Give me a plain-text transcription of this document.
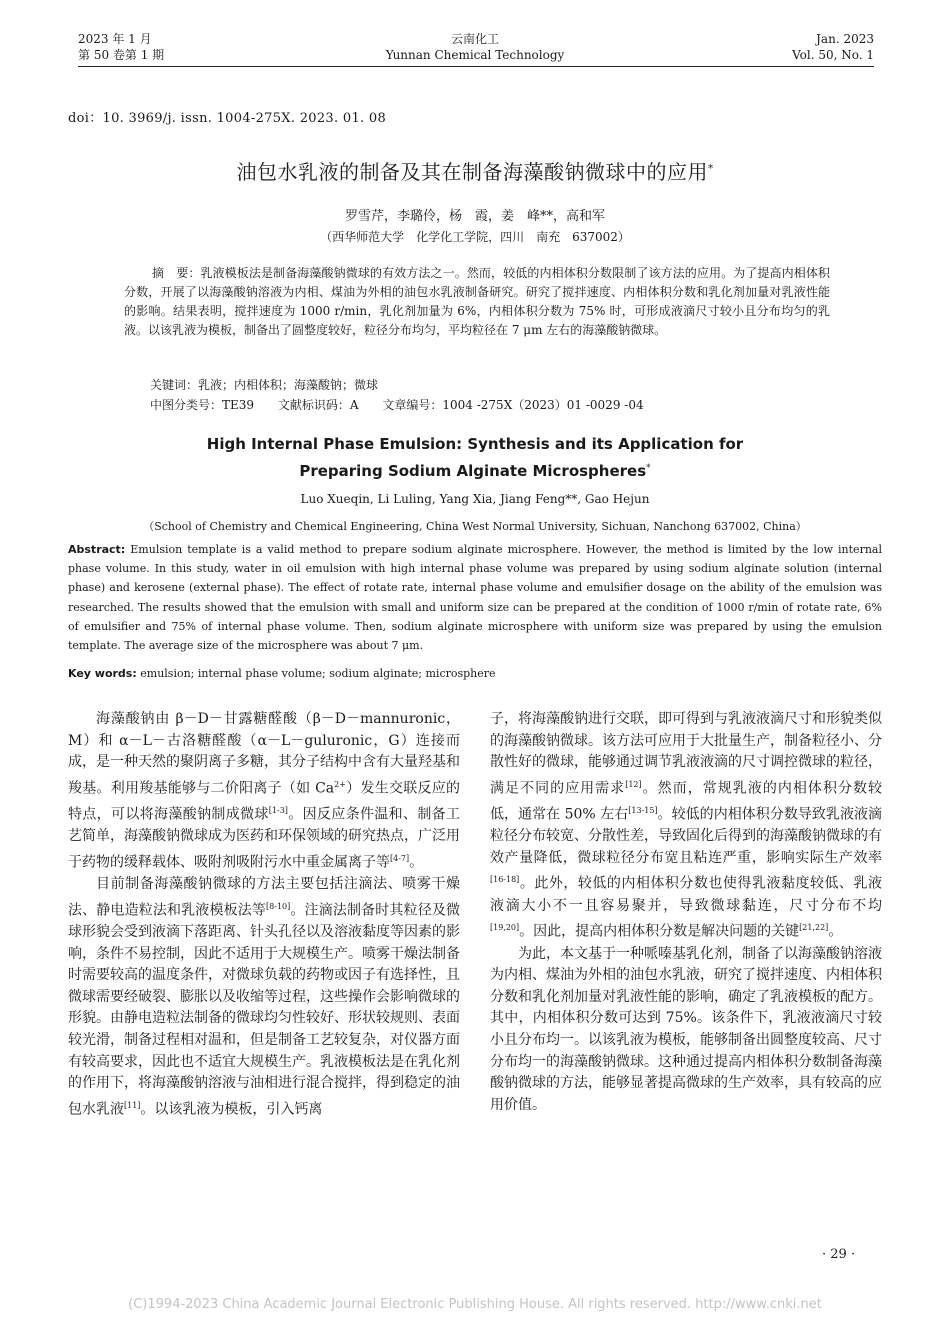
2023 年 1 月
第 50 卷第 1 期
云南化工
Yunnan Chemical Technology
Jan. 2023
Vol. 50, No. 1
doi：10. 3969/j. issn. 1004-275X. 2023. 01. 08
油包水乳液的制备及其在制备海藻酸钠微球中的应用*
罗雪芹，李璐伶，杨　霞，姜　峰**，高和军
（西华师范大学　化学化工学院，四川　南充　637002）

摘　要：乳液模板法是制备海藻酸钠微球的有效方法之一。然而，较低的内相体积分数限制了该方法的应用。为了提高内相体积分数，开展了以海藻酸钠溶液为内相、煤油为外相的油包水乳液制备研究。研究了搅拌速度、内相体积分数和乳化剂加量对乳液性能的影响。结果表明，搅拌速度为 1000 r/min，乳化剂加量为 6%，内相体积分数为 75% 时，可形成液滴尺寸较小且分布均匀的乳液。以该乳液为模板，制备出了圆整度较好，粒径分布均匀，平均粒径在 7 μm 左右的海藻酸钠微球。

关键词：乳液；内相体积；海藻酸钠；微球
中图分类号：TE39 文献标识码：A 文章编号：1004 -275X（2023）01 -0029 -04
High Internal Phase Emulsion: Synthesis and its Application for
Preparing Sodium Alginate Microspheres*
Luo Xueqin, Li Luling, Yang Xia, Jiang Feng**, Gao Hejun
（School of Chemistry and Chemical Engineering, China West Normal University, Sichuan, Nanchong 637002, China）
Abstract: Emulsion template is a valid method to prepare sodium alginate microsphere. However, the method is limited by the low internal phase volume. In this study, water in oil emulsion with high internal phase volume was prepared by using sodium alginate solution (internal phase) and kerosene (external phase). The effect of rotate rate, internal phase volume and emulsifier dosage on the ability of the emulsion was researched. The results showed that the emulsion with small and uniform size can be prepared at the condition of 1000 r/min of rotate rate, 6% of emulsifier and 75% of internal phase volume. Then, sodium alginate microsphere with uniform size was prepared by using the emulsion template. The average size of the microsphere was about 7 μm.
Key words: emulsion; internal phase volume; sodium alginate; microsphere

海藻酸钠由 β－D－甘露糖醛酸（β－D－mannuronic，M）和 α－L－古洛糖醛酸（α－L－guluronic，G）连接而成，是一种天然的聚阴离子多糖，其分子结构中含有大量羟基和羧基。利用羧基能够与二价阳离子（如 $Ca^{2+}$）发生交联反应的特点，可以将海藻酸钠制成微球[1-3]。因反应条件温和、制备工艺简单，海藻酸钠微球成为医药和环保领域的研究热点，广泛用于药物的缓释载体、吸附剂吸附污水中重金属离子等[4-7]。

目前制备海藻酸钠微球的方法主要包括注滴法、喷雾干燥法、静电造粒法和乳液模板法等[8-10]。注滴法制备时其粒径及微球形貌会受到液滴下落距离、针头孔径以及溶液黏度等因素的影响，条件不易控制，因此不适用于大规模生产。喷雾干燥法制备时需要较高的温度条件，对微球负载的药物或因子有选择性，且微球需要经破裂、膨胀以及收缩等过程，这些操作会影响微球的形貌。由静电造粒法制备的微球均匀性较好、形状较规则、表面较光滑，制备过程相对温和，但是制备工艺较复杂，对仪器方面有较高要求，因此也不适宜大规模生产。乳液模板法是在乳化剂的作用下，将海藻酸钠溶液与油相进行混合搅拌，得到稳定的油包水乳液[11]。以该乳液为模板，引入钙离

子，将海藻酸钠进行交联，即可得到与乳液液滴尺寸和形貌类似的海藻酸钠微球。该方法可应用于大批量生产，制备粒径小、分散性好的微球，能够通过调节乳液液滴的尺寸调控微球的粒径，满足不同的应用需求[12]。然而，常规乳液的内相体积分数较低，通常在 50% 左右[13-15]。较低的内相体积分数导致乳液液滴粒径分布较宽、分散性差，导致固化后得到的海藻酸钠微球的有效产量降低，微球粒径分布宽且粘连严重，影响实际生产效率[16-18]。此外，较低的内相体积分数也使得乳液黏度较低、乳液液滴大小不一且容易聚并，导致微球黏连，尺寸分布不均[19,20]。因此，提高内相体积分数是解决问题的关键[21,22]。

为此，本文基于一种哌嗪基乳化剂，制备了以海藻酸钠溶液为内相、煤油为外相的油包水乳液，研究了搅拌速度、内相体积分数和乳化剂加量对乳液性能的影响，确定了乳液模板的配方。其中，内相体积分数可达到 75%。该条件下，乳液液滴尺寸较小且分布均一。以该乳液为模板，能够制备出圆整度较高、尺寸分布均一的海藻酸钠微球。这种通过提高内相体积分数制备海藻酸钠微球的方法，能够显著提高微球的生产效率，具有较高的应用价值。

· 29 ·
(C)1994-2023 China Academic Journal Electronic Publishing House. All rights reserved. http://www.cnki.net
